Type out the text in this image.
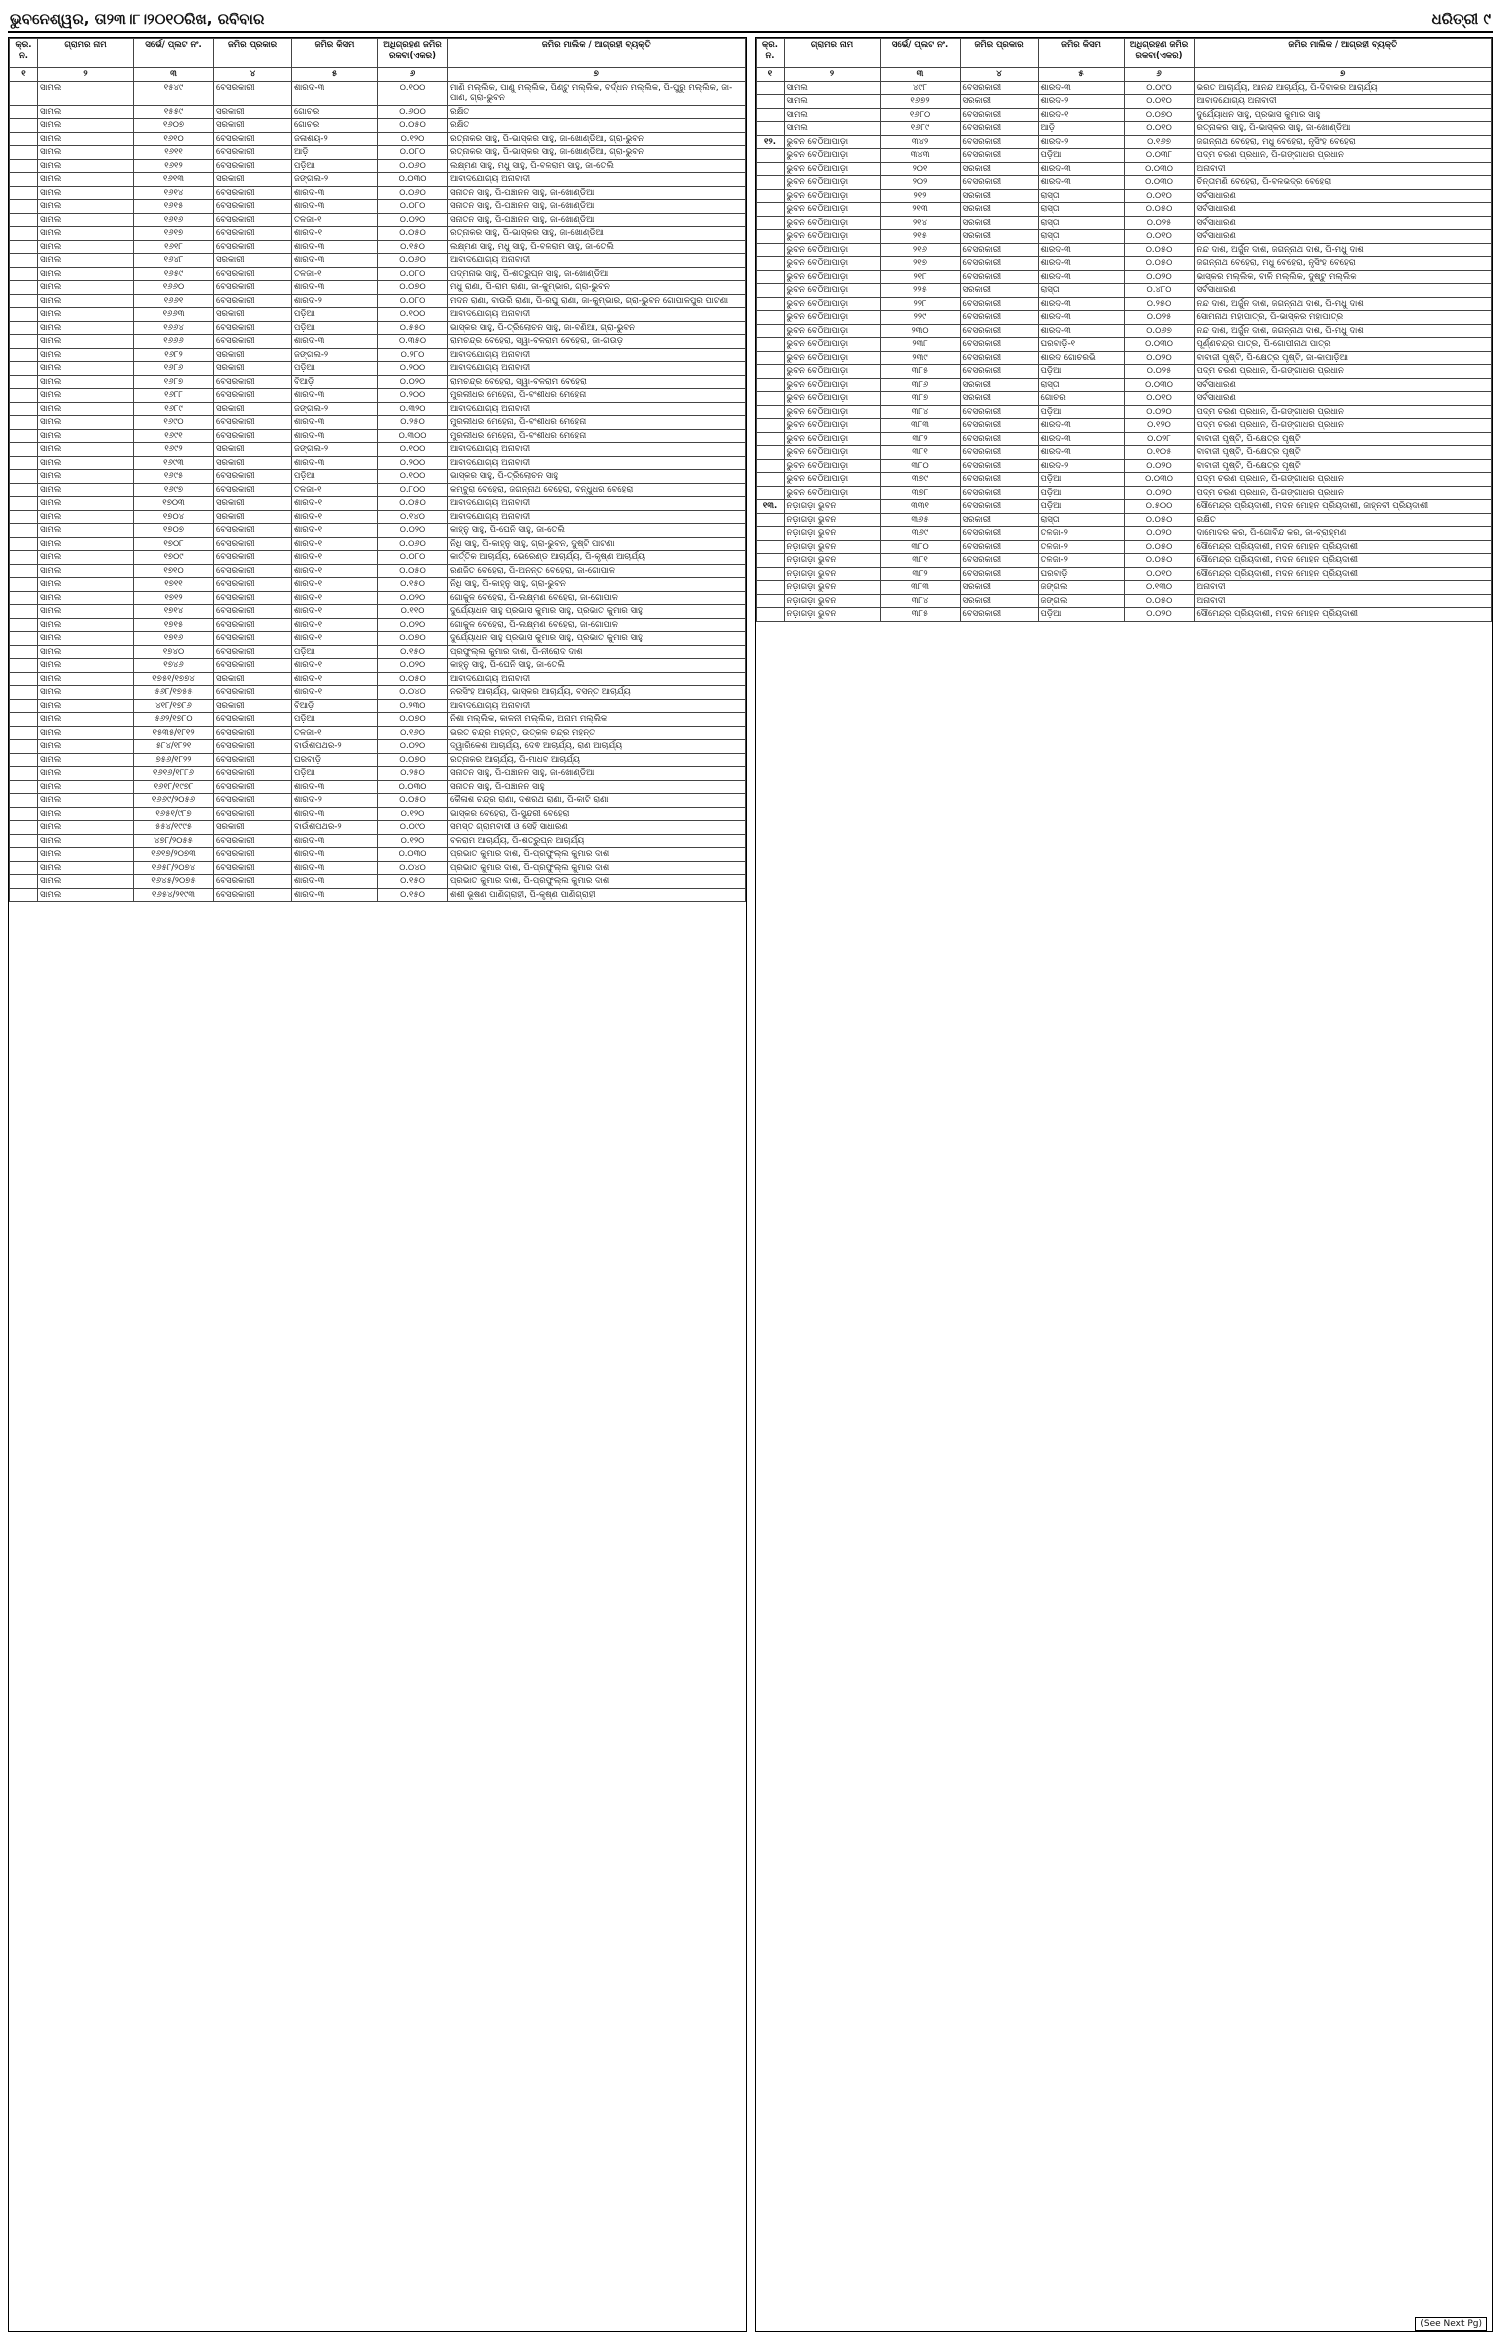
ଭୁବନେଶ୍ୱର, ତା୨୩।୮।୨୦୧୦ରିଖ, ରବିବାର	ଧରିତ୍ରୀ ୯
କ୍ର. ନ.	ଗ୍ରାମର ନାମ	ସର୍ଭେ/ ପ୍ଲଟ ନଂ.	ଜମିର ପ୍ରକାର	ଜମିର କିସମ	ଅଧିଗ୍ରହଣ ଜମିର ରକବା(ଏକର)	ଜମିର ମାଲିକ / ଆଗ୍ରହୀ ବ୍ୟକ୍ତି
୧	୨	୩	୪	୫	୬	୭
	ସାମଲ	୧୫୪୯	ବେସରକାରୀ	ଶାରଦ-୩	୦.୧୦୦	ମାଣି ମଲ୍ଲିକ, ପାଣୁ ମଲ୍ଲିକ, ପିଣ୍ଟୁ ମଲ୍ଲିକ, ବର୍ଦ୍ଧନ ମଲ୍ଲିକ, ପି-ପୁରୁ ମଲ୍ଲିକ, ଜା-ପାଣ, ଗ୍ରା-ଭୁବନ
	ସାମଲ	୧୫୫୯	ସରକାରୀ	ଗୋଚର	୦.୬୦୦	ରକ୍ଷିତ
	ସାମଲ	୧୬୦୭	ସରକାରୀ	ଗୋଚର	୦.୦୫୦	ରକ୍ଷିତ
	ସାମଲ	୧୬୧୦	ବେସରକାରୀ	ଜଳାଶୟ-୨	୦.୧୨୦	ରତ୍ନାକର ସାହୁ, ପି-ଭାସ୍କର ସାହୁ, ଜା-ଖୋଣ୍ଡିଆ, ଗ୍ରା-ଭୁବନ
	ସାମଲ	୧୬୧୧	ବେସରକାରୀ	ଆଡ଼ି	୦.୦୮୦	ରତ୍ନାକର ସାହୁ, ପି-ଭାସ୍କର ସାହୁ, ଜା-ଖୋଣ୍ଡିଆ, ଗ୍ରା-ଭୁବନ
	ସାମଲ	୧୬୧୨	ବେସରକାରୀ	ପଡ଼ିଆ	୦.୦୬୦	ଲକ୍ଷ୍ମଣ ସାହୁ, ମଧୁ ସାହୁ, ପି-ବଳରାମ ସାହୁ, ଜା-ତେଲି
	ସାମଲ	୧୬୧୩	ସରକାରୀ	ଜଙ୍ଗଲ-୨	୦.୦୩୦	ଆବାଦଯୋଗ୍ୟ ଅନାବାଦୀ
	ସାମଲ	୧୬୧୪	ବେସରକାରୀ	ଶାରଦ-୩	୦.୦୬୦	ସନାତନ ସାହୁ, ପି-ପଞ୍ଚାନନ ସାହୁ, ଜା-ଖୋଣ୍ଡିଆ
	ସାମଲ	୧୬୧୫	ବେସରକାରୀ	ଶାରଦ-୩	୦.୦୮୦	ସନାତନ ସାହୁ, ପି-ପଞ୍ଚାନନ ସାହୁ, ଜା-ଖୋଣ୍ଡିଆ
	ସାମଲ	୧୬୧୬	ବେସରକାରୀ	ତଳଜା-୧	୦.୦୨୦	ସନାତନ ସାହୁ, ପି-ପଞ୍ଚାନନ ସାହୁ, ଜା-ଖୋଣ୍ଡିଆ
	ସାମଲ	୧୬୧୭	ବେସରକାରୀ	ଶାରଦ-୧	୦.୦୫୦	ରତ୍ନାକର ସାହୁ, ପି-ଭାସ୍କର ସାହୁ, ଜା-ଖୋଣ୍ଡିଆ
	ସାମଲ	୧୬୧୮	ବେସରକାରୀ	ଶାରଦ-୩	୦.୧୫୦	ଲକ୍ଷ୍ମଣ ସାହୁ, ମଧୁ ସାହୁ, ପି-ବଳରାମ ସାହୁ, ଜା-ତେଲି
	ସାମଲ	୧୬୪୮	ସରକାରୀ	ଶାରଦ-୩	୦.୦୬୦	ଆବାଦଯୋଗ୍ୟ ଅନାବାଦୀ
	ସାମଲ	୧୬୫୯	ବେସରକାରୀ	ତଳଜା-୧	୦.୦୮୦	ପଦ୍ମନାଭ ସାହୁ, ପି-ଶତ୍ରୁଘ୍ନ ସାହୁ, ଜା-ଖୋଣ୍ଡିଆ
	ସାମଲ	୧୬୬୦	ବେସରକାରୀ	ଶାରଦ-୩	୦.୦୭୦	ମଧୁ ରାଣା, ପି-ରାମ ରାଣା, ଜା-କୁମ୍ଭାର, ଗ୍ରା-ଭୁବନ
	ସାମଲ	୧୬୬୧	ବେସରକାରୀ	ଶାରଦ-୨	୦.୦୮୦	ମଦନ ରାଣା, ବାଉରି ରାଣା, ପି-ରଘୁ ରାଣା, ଜା-କୁମ୍ଭାର, ଗ୍ରା-ଭୁବନ ଗୋପାଳପୁର ପାଟଣା
	ସାମଲ	୧୬୬୩	ସରକାରୀ	ପଡ଼ିଆ	୦.୧୦୦	ଆବାଦଯୋଗ୍ୟ ଅନାବାଦୀ
	ସାମଲ	୧୬୬୪	ବେସରକାରୀ	ପଡ଼ିଆ	୦.୫୫୦	ଭାସ୍କର ସାହୁ, ପି-ତ୍ରିଲୋଚନ ସାହୁ, ଜା-ବଣିଆ, ଗ୍ରା-ଭୁବନ
	ସାମଲ	୧୬୬୬	ବେସରକାରୀ	ଶାରଦ-୩	୦.୩୫୦	ରାମଚନ୍ଦ୍ର ବେହେରା, ସ୍ୱା-ବଳରାମ ବେହେରା, ଜା-ଗଉଡ଼
	ସାମଲ	୧୬୮୨	ସରକାରୀ	ଜଙ୍ଗଲ-୨	୦.୨୮୦	ଆବାଦଯୋଗ୍ୟ ଅନାବାଦୀ
	ସାମଲ	୧୬୮୬	ସରକାରୀ	ପଡ଼ିଆ	୦.୨୦୦	ଆବାଦଯୋଗ୍ୟ ଅନାବାଦୀ
	ସାମଲ	୧୬୮୭	ବେସରକାରୀ	ବିଆଡ଼ି	୦.୦୨୦	ରାମଚନ୍ଦ୍ର ବେହେରା, ସ୍ୱା-ବଳରାମ ବେହେରା
	ସାମଲ	୧୬୮୮	ବେସରକାରୀ	ଶାରଦ-୩	୦.୨୦୦	ମୁରଲୀଧର ମେହେନା, ପି-ବଂଶୀଧର ମେହେନା
	ସାମଲ	୧୬୮୯	ସରକାରୀ	ଜଙ୍ଗଲ-୨	୦.୩୨୦	ଆବାଦଯୋଗ୍ୟ ଅନାବାଦୀ
	ସାମଲ	୧୬୯୦	ବେସରକାରୀ	ଶାରଦ-୩	୦.୨୫୦	ମୁରଲୀଧର ମେହେନା, ପି-ବଂଶୀଧର ମେହେନା
	ସାମଲ	୧୬୯୧	ବେସରକାରୀ	ଶାରଦ-୩	୦.୩୦୦	ମୁରଲୀଧର ମେହେନା, ପି-ବଂଶୀଧର ମେହେନା
	ସାମଲ	୧୬୯୨	ସରକାରୀ	ଜଙ୍ଗଲ-୨	୦.୧୦୦	ଆବାଦଯୋଗ୍ୟ ଅନାବାଦୀ
	ସାମଲ	୧୬୯୩	ସରକାରୀ	ଶାରଦ-୩	୦.୨୦୦	ଆବାଦଯୋଗ୍ୟ ଅନାବାଦୀ
	ସାମଲ	୧୬୯୫	ବେସରକାରୀ	ପଡ଼ିଆ	୦.୧୦୦	ଭାସ୍କର ସାହୁ, ପି-ତ୍ରିଲୋଚନ ସାହୁ
	ସାମଲ	୧୬୯୭	ବେସରକାରୀ	ତଳଜା-୧	୦.୮୦୦	କମ୍ବୁରା ବେହେରା, ଜଗନ୍ନାଥ ବେହେରା, ବନ୍ଧୁଧର ବେହେରା
	ସାମଲ	୧୭୦୩	ସରକାରୀ	ଶାରଦ-୧	୦.୦୫୦	ଆବାଦଯୋଗ୍ୟ ଅନାବାଦୀ
	ସାମଲ	୧୭୦୪	ସରକାରୀ	ଶାରଦ-୧	୦.୧୪୦	ଆବାଦଯୋଗ୍ୟ ଅନାବାଦୀ
	ସାମଲ	୧୭୦୭	ବେସରକାରୀ	ଶାରଦ-୧	୦.୦୨୦	କାହ୍ନୁ ସାହୁ, ପି-ଘେନି ସାହୁ, ଜା-ତେଲି
	ସାମଲ	୧୭୦୮	ବେସରକାରୀ	ଶାରଦ-୧	୦.୦୬୦	ନିଧି ସାହୁ, ପି-କାହ୍ନୁ ସାହୁ, ଗ୍ରା-ଭୁବନ, ଦୁଷ୍ଟି ପାଟଣା
	ସାମଲ	୧୭୦୯	ବେସରକାରୀ	ଶାରଦ-୧	୦.୦୮୦	କାର୍ତ୍ତିକ ଆଚାର୍ଯ୍ୟ, ଭେରେଣ୍ଡ ଆଚାର୍ଯ୍ୟ, ପି-କୃଷ୍ଣ ଆଚାର୍ଯ୍ୟ
	ସାମଲ	୧୭୧୦	ବେସରକାରୀ	ଶାରଦ-୧	୦.୦୫୦	ରଣଜିତ ବେହେରା, ପି-ଅନନ୍ତ ବେହେରା, ଜା-ଗୋପାଳ
	ସାମଲ	୧୭୧୧	ବେସରକାରୀ	ଶାରଦ-୧	୦.୧୫୦	ନିଧି ସାହୁ, ପି-କାହ୍ନୁ ସାହୁ, ଗ୍ରା-ଭୁବନ
	ସାମଲ	୧୭୧୨	ବେସରକାରୀ	ଶାରଦ-୧	୦.୦୨୦	ଗୋକୁଳ ବେହେରା, ପି-ଲକ୍ଷ୍ମଣ ବେହେରା, ଜା-ଗୋପାଳ
	ସାମଲ	୧୭୧୪	ବେସରକାରୀ	ଶାରଦ-୧	୦.୧୧୦	ଦୁର୍ଯ୍ୟୋଧନ ସାହୁ ପ୍ରଭାସ କୁମାର ସାହୁ, ପ୍ରଭାତ କୁମାର ସାହୁ
	ସାମଲ	୧୭୧୫	ବେସରକାରୀ	ଶାରଦ-୧	୦.୦୨୦	ଗୋକୁଳ ବେହେରା, ପି-ଲକ୍ଷ୍ମଣ ବେହେରା, ଜା-ଗୋପାଳ
	ସାମଲ	୧୭୧୬	ବେସରକାରୀ	ଶାରଦ-୧	୦.୦୭୦	ଦୁର୍ଯ୍ୟୋଧନ ସାହୁ ପ୍ରଭାସ କୁମାର ସାହୁ, ପ୍ରଭାତ କୁମାର ସାହୁ
	ସାମଲ	୧୭୪୦	ବେସରକାରୀ	ପଡ଼ିଆ	୦.୧୫୦	ପ୍ରଫୁଲ୍ଲ କୁମାର ଦାଶ, ପି-ନୀରୋଦ ଦାଶ
	ସାମଲ	୧୭୪୬	ବେସରକାରୀ	ଶାରଦ-୧	୦.୦୨୦	କାହ୍ନୁ ସାହୁ, ପି-ଘେନି ସାହୁ, ଜା-ତେଲି
	ସାମଲ	୧୭୫୧/୧୭୭୪	ସରକାରୀ	ଶାରଦ-୧	୦.୦୫୦	ଆବାଦଯୋଗ୍ୟ ଅନାବାଦୀ
	ସାମଲ	୫୬୮/୧୭୫୫	ବେସରକାରୀ	ଶାରଦ-୧	୦.୦୪୦	ନରସିଂହ ଆଚାର୍ଯ୍ୟ, ଭାସ୍କର ଆଚାର୍ଯ୍ୟ, ବସନ୍ତ ଆଚାର୍ଯ୍ୟ
	ସାମଲ	୪୧୮/୧୭୮୬	ସରକାରୀ	ବିଆଡ଼ି	୦.୨୩୦	ଆବାଦଯୋଗ୍ୟ ଅନାବାଦୀ
	ସାମଲ	୫୬୨/୧୭୮୦	ବେସରକାରୀ	ପଡ଼ିଆ	୦.୦୭୦	ନିଶା ମଲ୍ଲିକ, କାଳନୀ ମଲ୍ଲିକ, ଅନାମ ମଲ୍ଲିକ
	ସାମଲ	୧୫୩୫/୧୮୧୨	ବେସରକାରୀ	ତଳଜା-୧	୦.୧୬୦	ଭରତ ଚନ୍ଦ୍ର ମହନ୍ତ, ଉତ୍କଳ ଚନ୍ଦ୍ର ମହନ୍ତ
	ସାମଲ	୫୮୪/୧୮୨୧	ବେସରକାରୀ	ବାଉଁଶପଥର-୨	୦.୦୨୦	ଦ୍ୱାରିକେଶ ଆଚାର୍ଯ୍ୟ, ଦେଵ ଆଚାର୍ଯ୍ୟ, ରାଣ ଆଚାର୍ଯ୍ୟ
	ସାମଲ	୭୫୬/୧୮୨୨	ବେସରକାରୀ	ଘରବାଡ଼ି	୦.୦୭୦	ରତ୍ନାକର ଆଚାର୍ଯ୍ୟ, ପି-ମାଧବ ଆଚାର୍ଯ୍ୟ
	ସାମଲ	୧୬୧୬/୧୮୮୬	ବେସରକାରୀ	ପଡ଼ିଆ	୦.୨୫୦	ସନାତନ ସାହୁ, ପି-ପଞ୍ଚାନନ ସାହୁ, ଜା-ଖୋଣ୍ଡିଆ
	ସାମଲ	୧୬୧୮/୧୯୭୮	ବେସରକାରୀ	ଶାରଦ-୩	୦.୦୩୦	ସନାତନ ସାହୁ, ପି-ପଞ୍ଚାନନ ସାହୁ
	ସାମଲ	୧୬୬୯/୨୦୫୬	ବେସରକାରୀ	ଶାରଦ-୨	୦.୦୫୦	କୈଳାଶ ଚନ୍ଦ୍ର ରାଣା, ଦଶରଥ ରାଣା, ପି-କାଟି ରାଣା
	ସାମଲ	୧୬୫୧/୯୮୭	ବେସରକାରୀ	ଶାରଦ-୩	୦.୧୨୦	ଭାସ୍କର ବେହେରା, ପି-ସୁନ୍ଦରୀ ବେହେରା
	ସାମଲ	୫୫୪/୧୯୯୫	ସରକାରୀ	ବାଉଁଶପଥର-୨	୦.୦୯୦	ସମସ୍ତ ଗ୍ରାମବାସୀ ଓ ସେହି ସାଧାରଣ
	ସାମଲ	୪୭୮/୨୦୫୫	ବେସରକାରୀ	ଶାରଦ-୩	୦.୧୨୦	ବଳରାମ ଆଚାର୍ଯ୍ୟ, ପି-ଶତ୍ରୁଘ୍ନ ଆଚାର୍ଯ୍ୟ
	ସାମଲ	୧୬୧୭/୨୦୭୩	ବେସରକାରୀ	ଶାରଦ-୩	୦.୦୩୦	ପ୍ରଭାତ କୁମାର ଦାଶ, ପି-ପ୍ରଫୁଲ୍ଲ କୁମାର ଦାଶ
	ସାମଲ	୧୬୫୮/୨୦୭୪	ବେସରକାରୀ	ଶାରଦ-୩	୦.୦୪୦	ପ୍ରଭାତ କୁମାର ଦାଶ, ପି-ପ୍ରଫୁଲ୍ଲ କୁମାର ଦାଶ
	ସାମଲ	୧୬୪୫/୨୦୭୫	ବେସରକାରୀ	ଶାରଦ-୩	୦.୧୫୦	ପ୍ରଭାତ କୁମାର ଦାଶ, ପି-ପ୍ରଫୁଲ୍ଲ କୁମାର ଦାଶ
	ସାମଲ	୧୬୫୪/୨୧୯୩	ବେସରକାରୀ	ଶାରଦ-୩	୦.୧୫୦	ଶଶୀ ଭୂଷଣ ପାଣିଗ୍ରାହୀ, ପି-କୃଷ୍ଣ ପାଣିଗ୍ରାହୀ
କ୍ର. ନ.	ଗ୍ରାମର ନାମ	ସର୍ଭେ/ ପ୍ଲଟ ନଂ.	ଜମିର ପ୍ରକାର	ଜମିର କିସମ	ଅଧିଗ୍ରହଣ ଜମିର ରକବା(ଏକର)	ଜମିର ମାଲିକ / ଆଗ୍ରହୀ ବ୍ୟକ୍ତି
୧	୨	୩	୪	୫	୬	୭
	ସାମଲ	୪୯୮	ବେସରକାରୀ	ଶାରଦ-୩	୦.୦୯୦	ଭରତ ଆଚାର୍ଯ୍ୟ, ଆନନ୍ଦ ଆଚାର୍ଯ୍ୟ, ପି-ଦିବାକର ଆଚାର୍ଯ୍ୟ
	ସାମଲ	୧୬୭୨	ସରକାରୀ	ଶାରଦ-୨	୦.୦୧୦	ଆବାଦଯୋଗ୍ୟ ଅନାବାଦୀ
	ସାମଲ	୧୬୮୦	ବେସରକାରୀ	ଶାରଦ-୧	୦.୦୭୦	ଦୁର୍ଯ୍ୟୋଧନ ସାହୁ, ପ୍ରଭାସ କୁମାର ସାହୁ
	ସାମଲ	୧୬୮୯	ବେସରକାରୀ	ଆଡ଼ି	୦.୦୧୦	ରତ୍ନାକର ସାହୁ, ପି-ଭାସ୍କର ସାହୁ, ଜା-ଖୋଣ୍ଡିଆ
୧୨.	ଭୁବନ ବେଠିଆପାଡ଼ା	୩୪୨	ବେସରକାରୀ	ଶାରଦ-୨	୦.୧୬୭	ଜଗନ୍ନାଥ ବେହେରା, ମଧୁ ବେହେରା, ନୃସିଂହ ବେହେରା
	ଭୁବନ ବେଠିଆପାଡ଼ା	୩୪୩	ବେସରକାରୀ	ପଡ଼ିଆ	୦.୦୩୮	ପଦ୍ମ ଚରଣ ପ୍ରଧାନ, ପି-ଗଙ୍ଗାଧର ପ୍ରଧାନ
	ଭୁବନ ବେଠିଆପାଡ଼ା	୨୦୧	ସରକାରୀ	ଶାରଦ-୩	୦.୦୩୦	ଅନାବାଦୀ
	ଭୁବନ ବେଠିଆପାଡ଼ା	୨୦୨	ବେସରକାରୀ	ଶାରଦ-୩	୦.୦୩୦	ଚିନ୍ତାମଣି ବେହେରା, ପି-ବଳଭଦ୍ର ବେହେରା
	ଭୁବନ ବେଠିଆପାଡ଼ା	୨୧୨	ସରକାରୀ	ରାସ୍ତା	୦.୦୧୦	ସର୍ବସାଧାରଣ
	ଭୁବନ ବେଠିଆପାଡ଼ା	୨୧୩	ସରକାରୀ	ରାସ୍ତା	୦.୦୫୦	ସର୍ବସାଧାରଣ
	ଭୁବନ ବେଠିଆପାଡ଼ା	୨୧୪	ସରକାରୀ	ରାସ୍ତା	୦.୦୨୫	ସର୍ବସାଧାରଣ
	ଭୁବନ ବେଠିଆପାଡ଼ା	୨୧୫	ସରକାରୀ	ରାସ୍ତା	୦.୦୧୦	ସର୍ବସାଧାରଣ
	ଭୁବନ ବେଠିଆପାଡ଼ା	୨୧୬	ବେସରକାରୀ	ଶାରଦ-୩	୦.୦୫୦	ନନ୍ଦ ଦାଶ, ଅର୍ଜୁନ ଦାଶ, ଜଗନ୍ନାଥ ଦାଶ, ପି-ମଧୁ ଦାଶ
	ଭୁବନ ବେଠିଆପାଡ଼ା	୨୧୭	ବେସରକାରୀ	ଶାରଦ-୩	୦.୦୫୦	ଜଗନ୍ନାଥ ବେହେରା, ମଧୁ ବେହେରା, ନୃସିଂହ ବେହେରା
	ଭୁବନ ବେଠିଆପାଡ଼ା	୨୧୮	ବେସରକାରୀ	ଶାରଦ-୩	୦.୦୨୦	ଭାସ୍କର ମଲ୍ଲିକ, ବାଳି ମଲ୍ଲିକ, ଦୁଷ୍ଟୁ ମଲ୍ଲିକ
	ଭୁବନ ବେଠିଆପାଡ଼ା	୨୨୫	ସରକାରୀ	ରାସ୍ତା	୦.୪୮୦	ସର୍ବସାଧାରଣ
	ଭୁବନ ବେଠିଆପାଡ଼ା	୨୨୮	ବେସରକାରୀ	ଶାରଦ-୩	୦.୨୫୦	ନନ୍ଦ ଦାଶ, ଅର୍ଜୁନ ଦାଶ, ଜଗନ୍ନାଥ ଦାଶ, ପି-ମଧୁ ଦାଶ
	ଭୁବନ ବେଠିଆପାଡ଼ା	୨୨୯	ବେସରକାରୀ	ଶାରଦ-୩	୦.୦୨୫	ସୋମନାଥ ମହାପାତ୍ର, ପି-ଭାସ୍କର ମହାପାତ୍ର
	ଭୁବନ ବେଠିଆପାଡ଼ା	୨୩୦	ବେସରକାରୀ	ଶାରଦ-୩	୦.୦୬୭	ନନ୍ଦ ଦାଶ, ଅର୍ଜୁନ ଦାଶ, ଜଗନ୍ନାଥ ଦାଶ, ପି-ମଧୁ ଦାଶ
	ଭୁବନ ବେଠିଆପାଡ଼ା	୨୩୮	ବେସରକାରୀ	ଘରବାଡ଼ି-୧	୦.୦୩୦	ପୂର୍ଣ୍ଣଚନ୍ଦ୍ର ପାତ୍ର, ପି-ଗୋପୀନାଥ ପାତ୍ର
	ଭୁବନ ବେଠିଆପାଡ଼ା	୨୩୯	ବେସରକାରୀ	ଶାରଦ ଗୋଚରଭି	୦.୦୨୦	ବାବାଜୀ ପୃଷ୍ଟି, ପି-କ୍ଷେତ୍ର ପୃଷ୍ଟି, ଜା-କାପାଡ଼ିଆ
	ଭୁବନ ବେଠିଆପାଡ଼ା	୩୮୫	ବେସରକାରୀ	ପଡ଼ିଆ	୦.୦୨୫	ପଦ୍ମ ଚରଣ ପ୍ରଧାନ, ପି-ଗଙ୍ଗାଧର ପ୍ରଧାନ
	ଭୁବନ ବେଠିଆପାଡ଼ା	୩୮୬	ସରକାରୀ	ରାସ୍ତା	୦.୦୩୦	ସର୍ବସାଧାରଣ
	ଭୁବନ ବେଠିଆପାଡ଼ା	୩୮୭	ସରକାରୀ	ଗୋଚର	୦.୦୧୦	ସର୍ବସାଧାରଣ
	ଭୁବନ ବେଠିଆପାଡ଼ା	୩୮୪	ବେସରକାରୀ	ପଡ଼ିଆ	୦.୦୨୦	ପଦ୍ମ ଚରଣ ପ୍ରଧାନ, ପି-ଗଙ୍ଗାଧର ପ୍ରଧାନ
	ଭୁବନ ବେଠିଆପାଡ଼ା	୩୮୩	ବେସରକାରୀ	ଶାରଦ-୩	୦.୧୨୦	ପଦ୍ମ ଚରଣ ପ୍ରଧାନ, ପି-ଗଙ୍ଗାଧର ପ୍ରଧାନ
	ଭୁବନ ବେଠିଆପାଡ଼ା	୩୮୨	ବେସରକାରୀ	ଶାରଦ-୩	୦.୦୨୮	ବାବାଜୀ ପୃଷ୍ଟି, ପି-କ୍ଷେତ୍ର ପୃଷ୍ଟି
	ଭୁବନ ବେଠିଆପାଡ଼ା	୩୮୧	ବେସରକାରୀ	ଶାରଦ-୩	୦.୧୦୫	ବାବାଜୀ ପୃଷ୍ଟି, ପି-କ୍ଷେତ୍ର ପୃଷ୍ଟି
	ଭୁବନ ବେଠିଆପାଡ଼ା	୩୮୦	ବେସରକାରୀ	ଶାରଦ-୨	୦.୦୨୦	ବାବାଜୀ ପୃଷ୍ଟି, ପି-କ୍ଷେତ୍ର ପୃଷ୍ଟି
	ଭୁବନ ବେଠିଆପାଡ଼ା	୩୭୯	ବେସରକାରୀ	ପଡ଼ିଆ	୦.୦୩୦	ପଦ୍ମ ଚରଣ ପ୍ରଧାନ, ପି-ଗଙ୍ଗାଧର ପ୍ରଧାନ
	ଭୁବନ ବେଠିଆପାଡ଼ା	୩୭୮	ବେସରକାରୀ	ପଡ଼ିଆ	୦.୦୨୦	ପଦ୍ମ ଚରଣ ପ୍ରଧାନ, ପି-ଗଙ୍ଗାଧର ପ୍ରଧାନ
୧୩.	ନଡ଼ାଗଡ଼ା ଭୁବନ	୩୩୧	ବେସରକାରୀ	ପଡ଼ିଆ	୦.୫୦୦	ସୌମେନ୍ଦ୍ର ପ୍ରିୟଦାଶୀ, ମଦନ ମୋହନ ପ୍ରିୟଦାଶୀ, ଜାହ୍ନବୀ ପ୍ରିୟଦାଶୀ
	ନଡ଼ାଗଡ଼ା ଭୁବନ	୩୬୫	ସରକାରୀ	ରାସ୍ତା	୦.୦୫୦	ରକ୍ଷିତ
	ନଡ଼ାଗଡ଼ା ଭୁବନ	୩୬୯	ବେସରକାରୀ	ତଳଜା-୨	୦.୦୨୦	ଦାମୋଦର କର, ପି-ଗୋବିନ୍ଦ କର, ଜା-ବ୍ରାହ୍ମଣ
	ନଡ଼ାଗଡ଼ା ଭୁବନ	୩୮୦	ବେସରକାରୀ	ତଳଜା-୨	୦.୦୫୦	ସୌମେନ୍ଦ୍ର ପ୍ରିୟଦାଶୀ, ମଦନ ମୋହନ ପ୍ରିୟଦାଶୀ
	ନଡ଼ାଗଡ଼ା ଭୁବନ	୩୮୧	ବେସରକାରୀ	ତଳଜା-୨	୦.୦୫୦	ସୌମେନ୍ଦ୍ର ପ୍ରିୟଦାଶୀ, ମଦନ ମୋହନ ପ୍ରିୟଦାଶୀ
	ନଡ଼ାଗଡ଼ା ଭୁବନ	୩୮୨	ବେସରକାରୀ	ଘରବାଡ଼ି	୦.୦୧୦	ସୌମେନ୍ଦ୍ର ପ୍ରିୟଦାଶୀ, ମଦନ ମୋହନ ପ୍ରିୟଦାଶୀ
	ନଡ଼ାଗଡ଼ା ଭୁବନ	୩୮୩	ସରକାରୀ	ଜଙ୍ଗଲ	୦.୧୩୦	ଅନାବାଦୀ
	ନଡ଼ାଗଡ଼ା ଭୁବନ	୩୮୪	ସରକାରୀ	ଜଙ୍ଗଲ	୦.୦୫୦	ଅନାବାଦୀ
	ନଡ଼ାଗଡ଼ା ଭୁବନ	୩୮୫	ବେସରକାରୀ	ପଡ଼ିଆ	୦.୦୨୦	ସୌମେନ୍ଦ୍ର ପ୍ରିୟଦାଶୀ, ମଦନ ମୋହନ ପ୍ରିୟଦାଶୀ
(See Next Pg)
